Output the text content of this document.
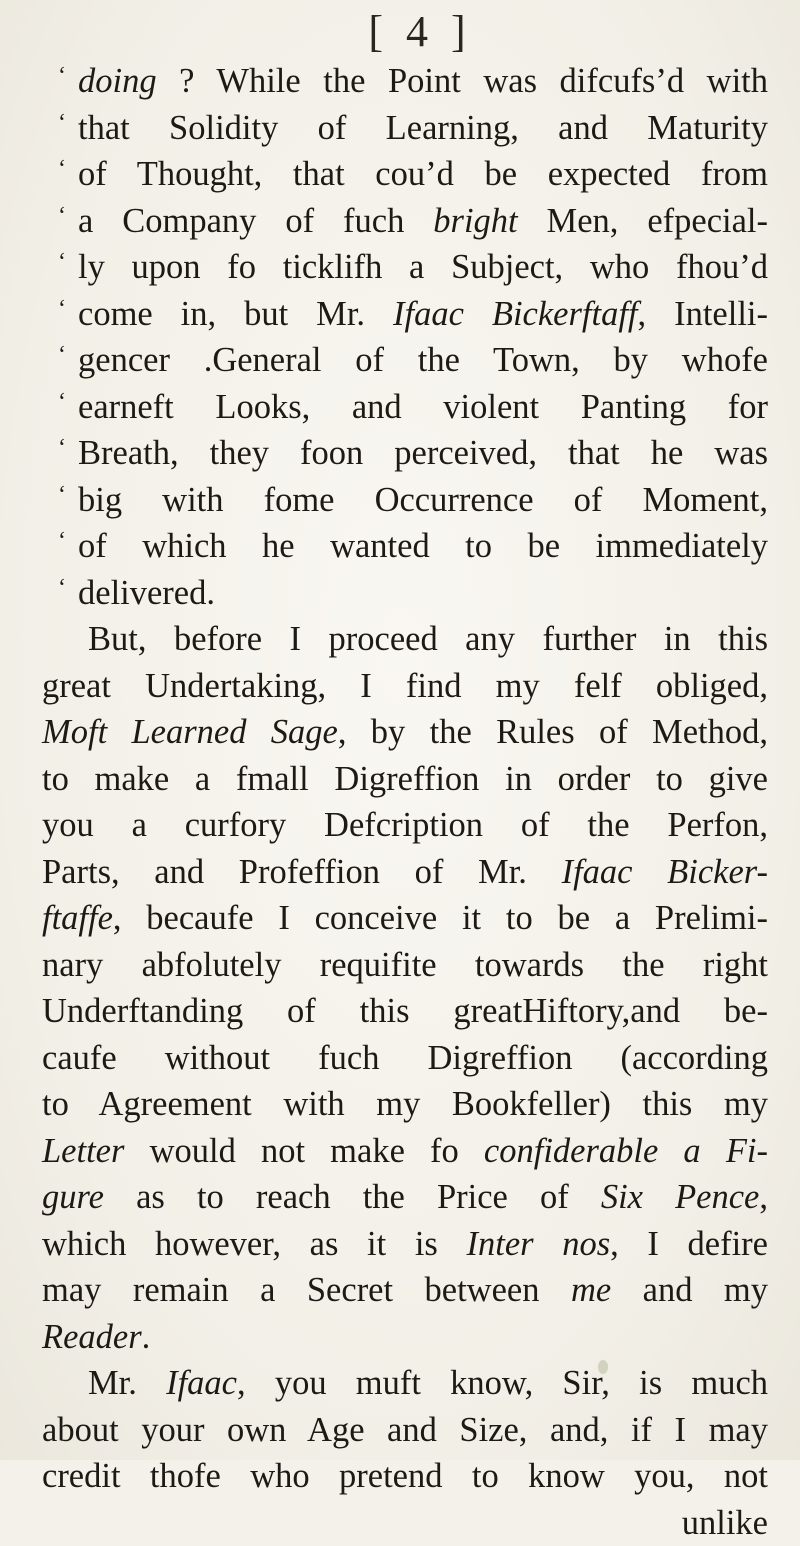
[ 4 ]
‘ doing ? While the Point was difcufs’d with
‘ that Solidity of Learning, and Maturity
‘ of Thought, that cou’d be expected from
‘ a Company of fuch bright Men, efpecial-
‘ ly upon fo ticklifh a Subject, who fhou’d
‘ come in, but Mr. Ifaac Bickerftaff, Intelli-
‘ gencer .General of the Town, by whofe
‘ earneft Looks, and violent Panting for
‘ Breath, they foon perceived, that he was
‘ big with fome Occurrence of Moment,
‘ of which he wanted to be immediately
‘ delivered.
But, before I proceed any further in this
great Undertaking, I find my felf obliged,
Moft Learned Sage, by the Rules of Method,
to make a fmall Digreffion in order to give
you a curfory Defcription of the Perfon,
Parts, and Profeffion of Mr. Ifaac Bicker-
ftaffe, becaufe I conceive it to be a Prelimi-
nary abfolutely requifite towards the right
Underftanding of this greatHiftory,and be-
caufe without fuch Digreffion (according
to Agreement with my Bookfeller) this my
Letter would not make fo confiderable a Fi-
gure as to reach the Price of Six Pence,
which however, as it is Inter nos, I defire
may remain a Secret between me and my
Reader.
Mr. Ifaac, you muft know, Sir, is much
about your own Age and Size, and, if I may
credit thofe who pretend to know you, not
unlike
